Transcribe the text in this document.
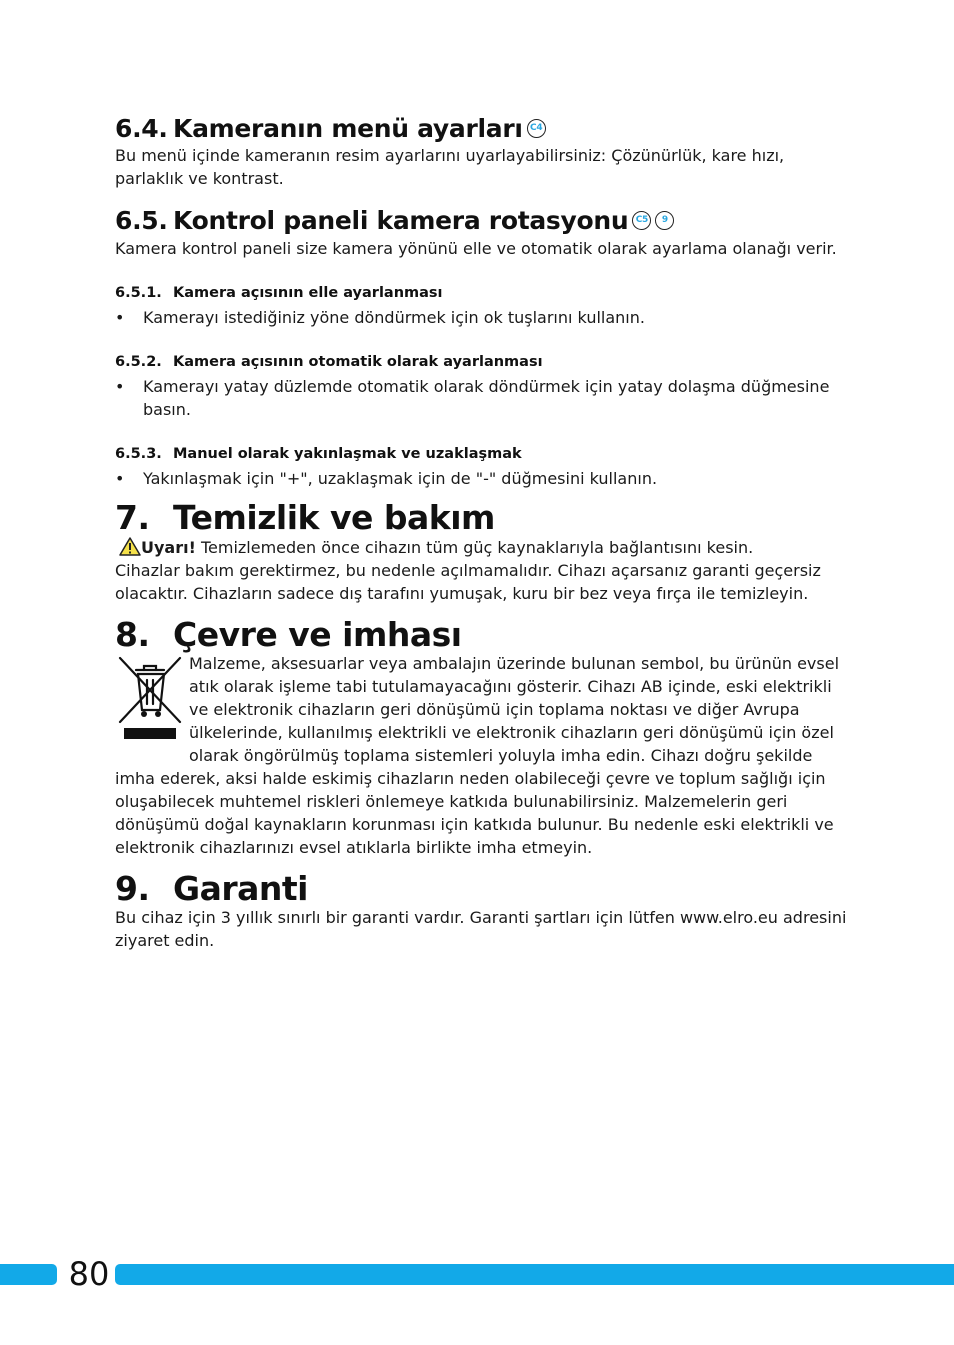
6.4. Kameranın menü ayarları C4
Bu menü içinde kameranın resim ayarlarını uyarlayabilirsiniz: Çözünürlük, kare hızı,
parlaklık ve kontrast.
6.5. Kontrol paneli kamera rotasyonu C5 9
Kamera kontrol paneli size kamera yönünü elle ve otomatik olarak ayarlama olanağı verir.
6.5.1. Kamera açısının elle ayarlanması
• Kamerayı istediğiniz yöne döndürmek için ok tuşlarını kullanın.
6.5.2. Kamera açısının otomatik olarak ayarlanması
• Kamerayı yatay düzlemde otomatik olarak döndürmek için yatay dolaşma düğmesine
basın.
6.5.3. Manuel olarak yakınlaşmak ve uzaklaşmak
• Yakınlaşmak için "+", uzaklaşmak için de "-" düğmesini kullanın.
7. Temizlik ve bakım
Uyarı! Temizlemeden önce cihazın tüm güç kaynaklarıyla bağlantısını kesin.
Cihazlar bakım gerektirmez, bu nedenle açılmamalıdır. Cihazı açarsanız garanti geçersiz
olacaktır. Cihazların sadece dış tarafını yumuşak, kuru bir bez veya fırça ile temizleyin.
8. Çevre ve imhası
Malzeme, aksesuarlar veya ambalajın üzerinde bulunan sembol, bu ürünün evsel
atık olarak işleme tabi tutulamayacağını gösterir. Cihazı AB içinde, eski elektrikli
ve elektronik cihazların geri dönüşümü için toplama noktası ve diğer Avrupa
ülkelerinde, kullanılmış elektrikli ve elektronik cihazların geri dönüşümü için özel
olarak öngörülmüş toplama sistemleri yoluyla imha edin. Cihazı doğru şekilde
imha ederek, aksi halde eskimiş cihazların neden olabileceği çevre ve toplum sağlığı için
oluşabilecek muhtemel riskleri önlemeye katkıda bulunabilirsiniz. Malzemelerin geri
dönüşümü doğal kaynakların korunması için katkıda bulunur. Bu nedenle eski elektrikli ve
elektronik cihazlarınızı evsel atıklarla birlikte imha etmeyin.
9. Garanti
Bu cihaz için 3 yıllık sınırlı bir garanti vardır. Garanti şartları için lütfen www.elro.eu adresini
ziyaret edin.
80
